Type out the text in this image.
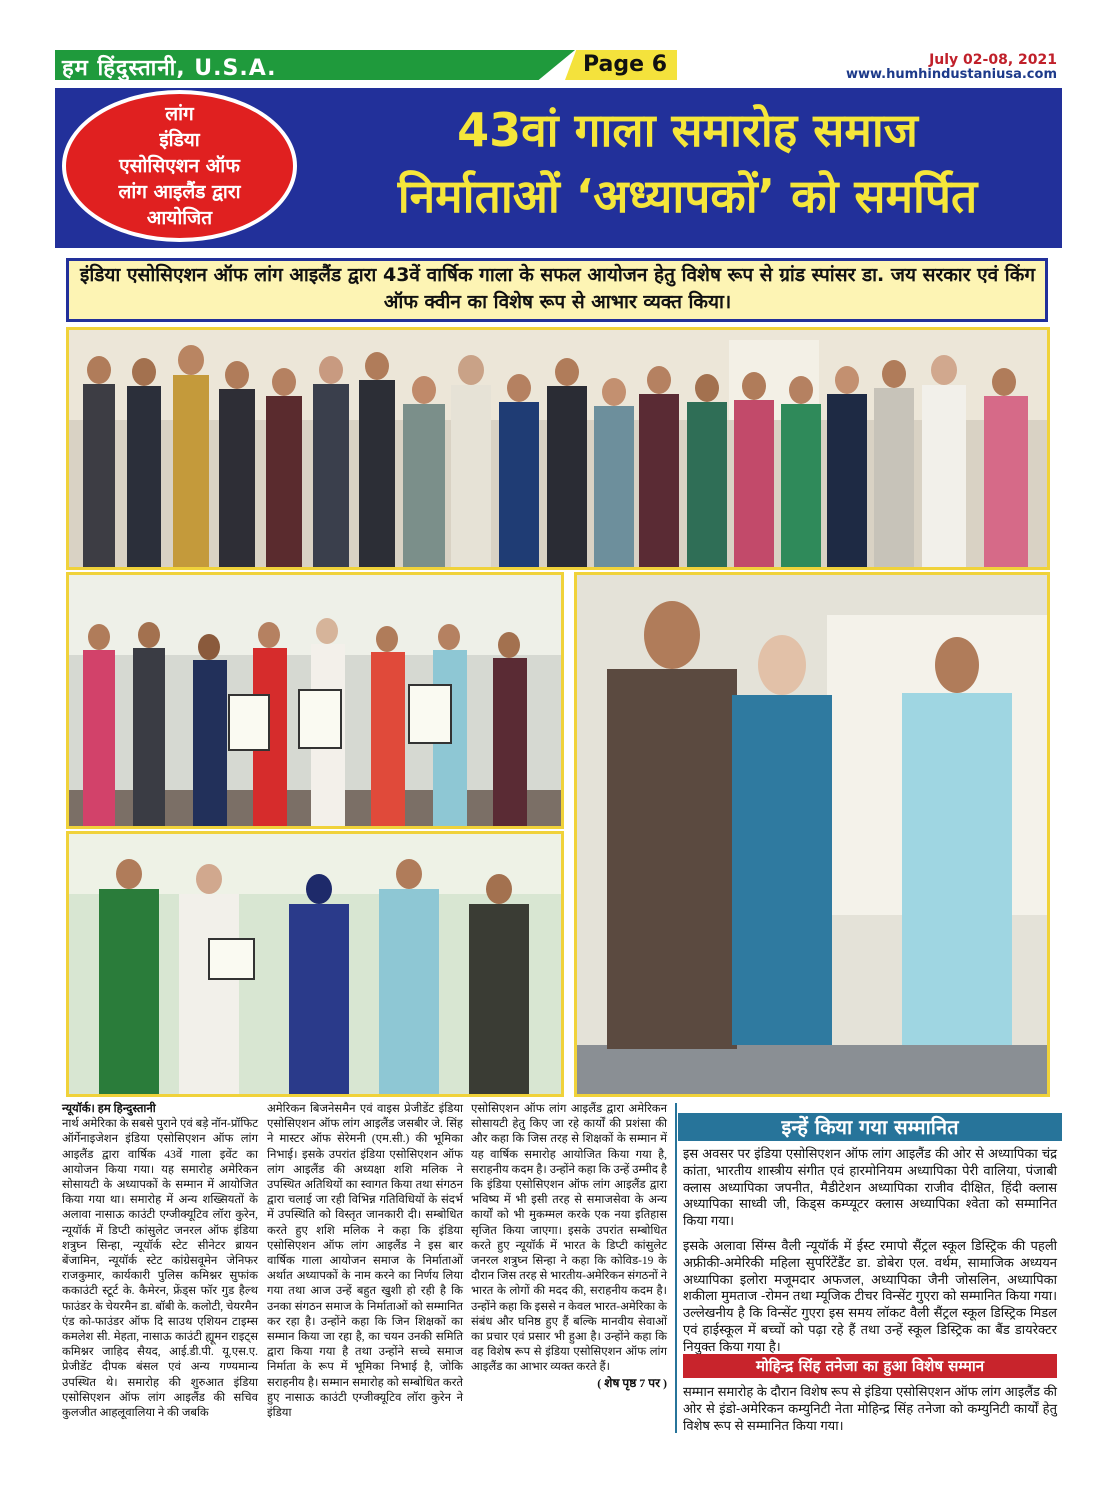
हम हिंदुस्तानी, U.S.A.	Page 6	July 02-08, 2021
www.humhindustaniusa.com
लांग
इंडिया
एसोसिएशन ऑफ
लांग आइलैंड द्वारा
आयोजित
43वां गाला समारोह समाज
निर्माताओं ‘अध्यापकों’ को समर्पित
इंडिया एसोसिएशन ऑफ लांग आइलैंड द्वारा 43वें वार्षिक गाला के सफल आयोजन हेतु विशेष रूप से ग्रांड स्पांसर डा. जय सरकार एवं किंग ऑफ क्वीन का विशेष रूप से आभार व्यक्त किया।
न्यूयॉर्क। हम हिन्दुस्तानी
नार्थ अमेरिका के सबसे पुराने एवं बड़े नॉन-प्रॉफिट ऑर्गेनाइजेशन इंडिया एसोसिएशन ऑफ लांग आइलैंड द्वारा वार्षिक 43वें गाला इवेंट का आयोजन किया गया। यह समारोह अमेरिकन सोसायटी के अध्यापकों के सम्मान में आयोजित किया गया था। समारोह में अन्य शख्सियतों के अलावा नासाऊ काउंटी एग्जीक्यूटिव लॉरा कुरेन, न्यूयॉर्क में डिप्टी कांसुलेट जनरल ऑफ इंडिया शत्रुघ्न सिन्हा, न्यूयॉर्क स्टेट सीनेटर ब्रायन बेंजामिन, न्यूयॉर्क स्टेट कांग्रेसवूमेन जेनिफर राजकुमार, कार्यकारी पुलिस कमिश्नर सुफांक ककाउंटी स्टूर्ट के. कैमेरन, फ्रेंड्स फॉर गुड हैल्थ फाउंडर के चेयरमैन डा. बॉबी के. कलोटी, चेयरमैन एंड को-फाउंडर ऑफ दि साउथ एशियन टाइम्स कमलेश सी. मेहता, नासाऊ काउंटी ह्यूमन राइट्स कमिश्नर जाहिद सैयद, आई.डी.पी. यू.एस.ए. प्रेजीडेंट दीपक बंसल एवं अन्य गण्यमान्य उपस्थित थे। समारोह की शुरुआत इंडिया एसोसिएशन ऑफ लांग आइलैंड की सचिव कुलजीत आहलूवालिया ने की जबकि
अमेरिकन बिजनेसमैन एवं वाइस प्रेजीडेंट इंडिया एसोसिएशन ऑफ लांग आइलैंड जसबीर जे. सिंह ने मास्टर ऑफ सेरेमनी (एम.सी.) की भूमिका निभाई। इसके उपरांत इंडिया एसोसिएशन ऑफ लांग आइलैंड की अध्यक्षा शशि मलिक ने उपस्थित अतिथियों का स्वागत किया तथा संगठन द्वारा चलाई जा रही विभिन्न गतिविधियों के संदर्भ में उपस्थिति को विस्तृत जानकारी दी। सम्बोधित करते हुए शशि मलिक ने कहा कि इंडिया एसोसिएशन ऑफ लांग आइलैंड ने इस बार वार्षिक गाला आयोजन समाज के निर्माताओं अर्थात अध्यापकों के नाम करने का निर्णय लिया गया तथा आज उन्हें बहुत खुशी हो रही है कि उनका संगठन समाज के निर्माताओं को सम्मानित कर रहा है। उन्होंने कहा कि जिन शिक्षकों का सम्मान किया जा रहा है, का चयन उनकी समिति द्वारा किया गया है तथा उन्होंने सच्चे समाज निर्माता के रूप में भूमिका निभाई है, जोकि सराहनीय है। सम्मान समारोह को सम्बोधित करते हुए नासाऊ काउंटी एग्जीक्यूटिव लॉरा कुरेन ने इंडिया
एसोसिएशन ऑफ लांग आइलैंड द्वारा अमेरिकन सोसायटी हेतु किए जा रहे कार्यों की प्रशंसा की और कहा कि जिस तरह से शिक्षकों के सम्मान में यह वार्षिक समारोह आयोजित किया गया है, सराहनीय कदम है। उन्होंने कहा कि उन्हें उम्मीद है कि इंडिया एसोसिएशन ऑफ लांग आइलैंड द्वारा भविष्य में भी इसी तरह से समाजसेवा के अन्य कार्यों को भी मुकम्मल करके एक नया इतिहास सृजित किया जाएगा। इसके उपरांत सम्बोधित करते हुए न्यूयॉर्क में भारत के डिप्टी कांसुलेट जनरल शत्रुघ्न सिन्हा ने कहा कि कोविड-19 के दौरान जिस तरह से भारतीय-अमेरिकन संगठनों ने भारत के लोगों की मदद की, सराहनीय कदम है। उन्होंने कहा कि इससे न केवल भारत-अमेरिका के संबंध और घनिष्ठ हुए हैं बल्कि मानवीय सेवाओं का प्रचार एवं प्रसार भी हुआ है। उन्होंने कहा कि वह विशेष रूप से इंडिया एसोसिएशन ऑफ लांग आइलैंड का आभार व्यक्त करते हैं।
( शेष पृष्ठ 7 पर )
इन्हें किया गया सम्मानित
इस अवसर पर इंडिया एसोसिएशन ऑफ लांग आइलैंड की ओर से अध्यापिका चंद्र कांता, भारतीय शास्त्रीय संगीत एवं हारमोनियम अध्यापिका पेरी वालिया, पंजाबी क्लास अध्यापिका जपनीत, मैडीटेशन अध्यापिका राजीव दीक्षित, हिंदी क्लास अध्यापिका साध्वी जी, किड्स कम्प्यूटर क्लास अध्यापिका श्वेता को सम्मानित किया गया।
इसके अलावा सिंग्स वैली न्यूयॉर्क में ईस्ट रमापो सैंट्रल स्कूल डिस्ट्रिक की पहली अफ्रीकी-अमेरिकी महिला सुपरिंटेंडैंट डा. डोबेरा एल. वर्थम, सामाजिक अध्ययन अध्यापिका इलोरा मजूमदार अफजल, अध्यापिका जैनी जोसलिन, अध्यापिका शकीला मुमताज -रोमन तथा म्यूजिक टीचर विन्सेंट गुएरा को सम्मानित किया गया। उल्लेखनीय है कि विन्सेंट गुएरा इस समय लॉकट वैली सैंट्रल स्कूल डिस्ट्रिक मिडल एवं हाईस्कूल में बच्चों को पढ़ा रहे हैं तथा उन्हें स्कूल डिस्ट्रिक का बैंड डायरेक्टर नियुक्त किया गया है।
मोहिन्द्र सिंह तनेजा का हुआ विशेष सम्मान
सम्मान समारोह के दौरान विशेष रूप से इंडिया एसोसिएशन ऑफ लांग आइलैंड की ओर से इंडो-अमेरिकन कम्युनिटी नेता मोहिन्द्र सिंह तनेजा को कम्युनिटी कार्यों हेतु विशेष रूप से सम्मानित किया गया।
